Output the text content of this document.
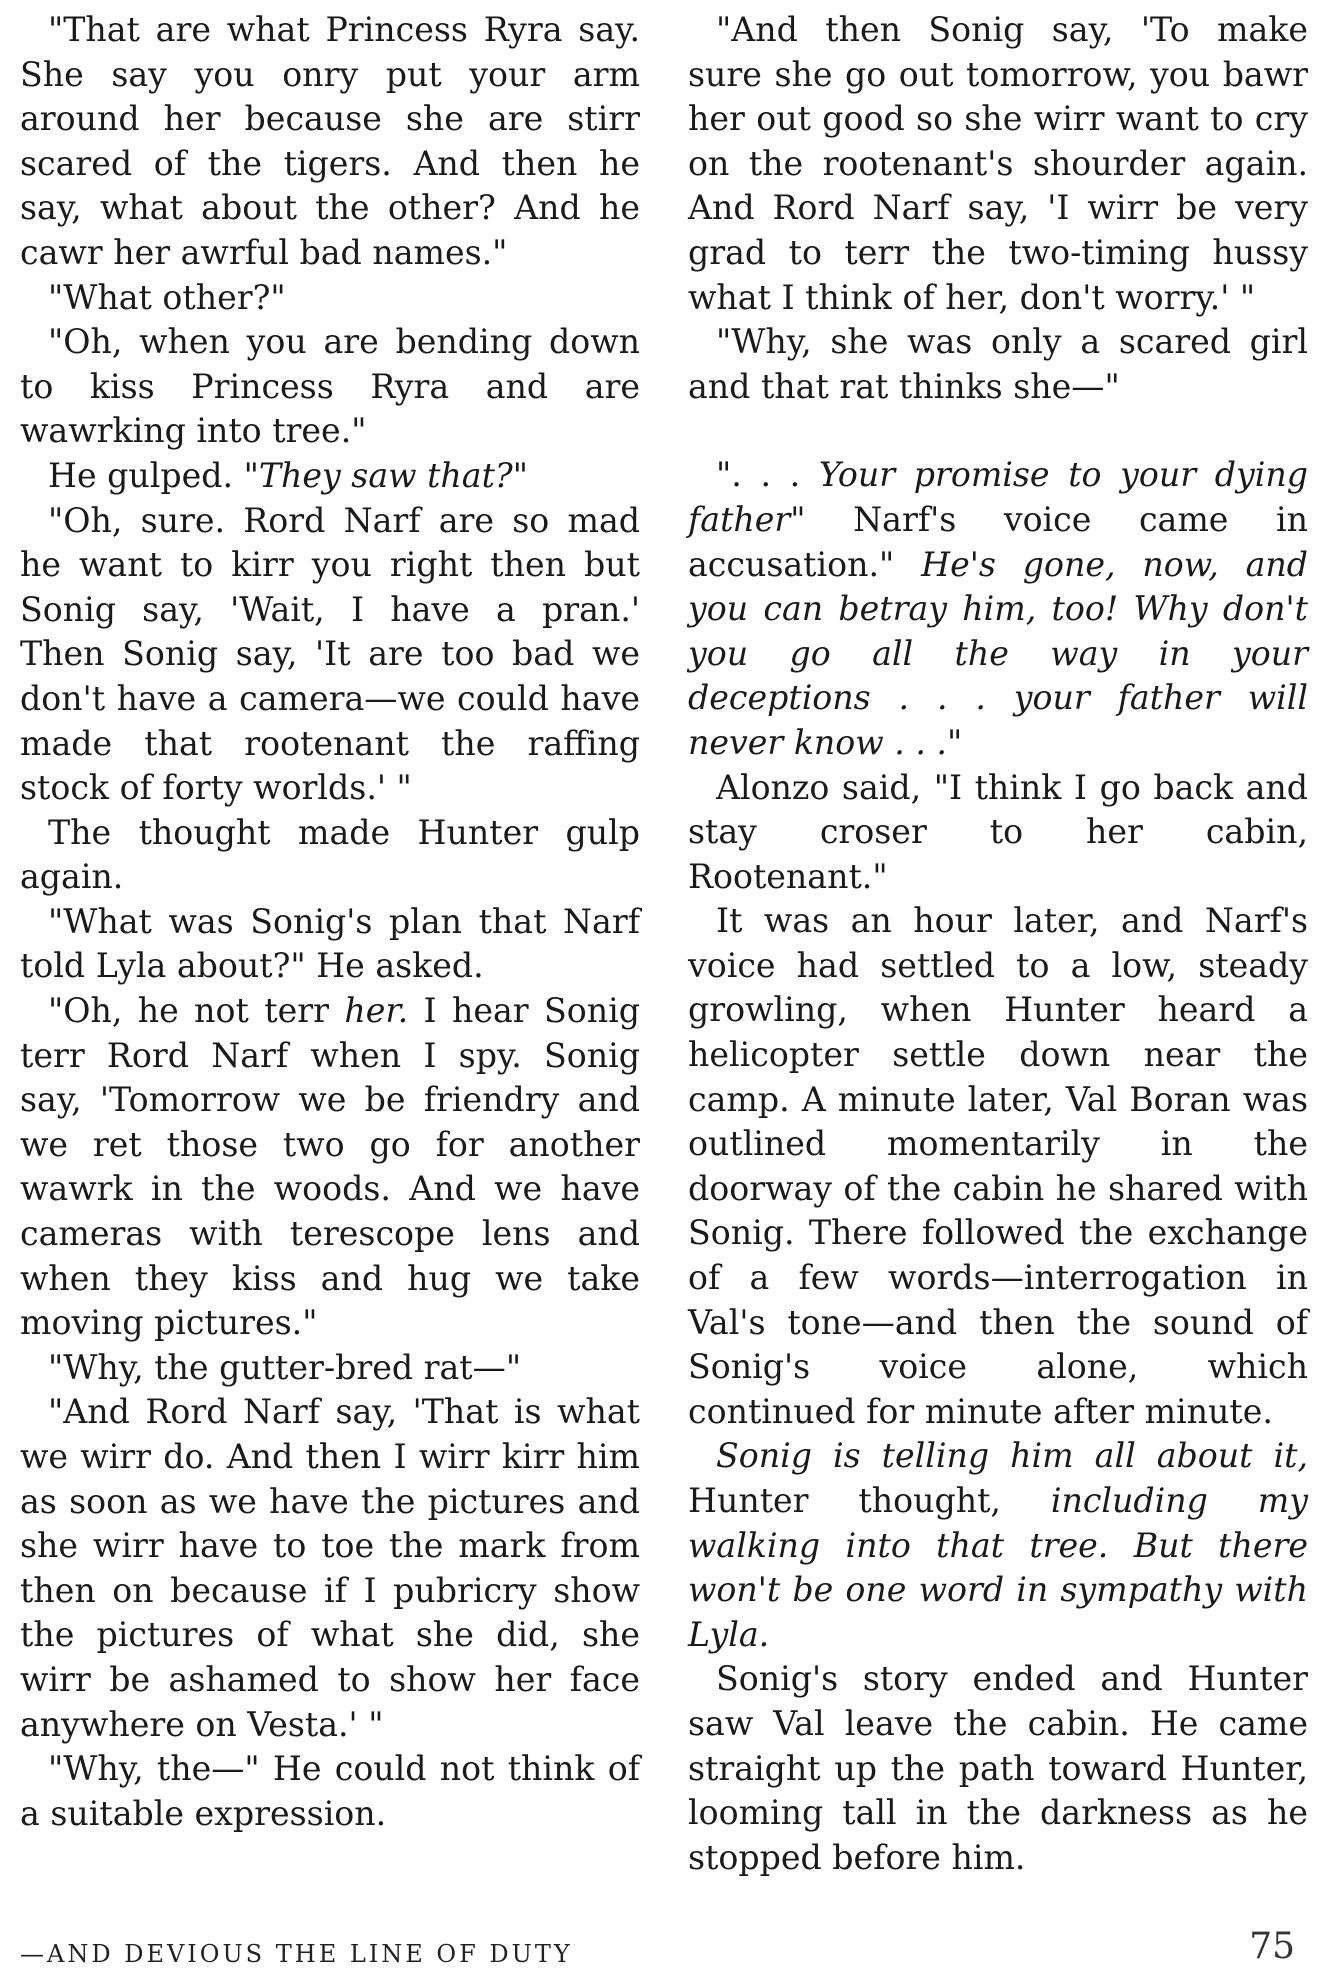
"That are what Princess Ryra say. She say you onry put your arm around her because she are stirr scared of the tigers. And then he say, what about the other? And he cawr her awrful bad names."

"What other?"

"Oh, when you are bending down to kiss Princess Ryra and are wawrking into tree."

He gulped. "They saw that?"

"Oh, sure. Rord Narf are so mad he want to kirr you right then but Sonig say, 'Wait, I have a pran.' Then Sonig say, 'It are too bad we don't have a camera—we could have made that rootenant the raffing stock of forty worlds.' "

The thought made Hunter gulp again.

"What was Sonig's plan that Narf told Lyla about?" He asked.

"Oh, he not terr her. I hear Sonig terr Rord Narf when I spy. Sonig say, 'Tomorrow we be friendry and we ret those two go for another wawrk in the woods. And we have cameras with terescope lens and when they kiss and hug we take moving pictures."

"Why, the gutter-bred rat—"

"And Rord Narf say, 'That is what we wirr do. And then I wirr kirr him as soon as we have the pictures and she wirr have to toe the mark from then on because if I pubricry show the pictures of what she did, she wirr be ashamed to show her face anywhere on Vesta.' "

"Why, the—" He could not think of a suitable expression.

"And then Sonig say, 'To make sure she go out tomorrow, you bawr her out good so she wirr want to cry on the rootenant's shourder again. And Rord Narf say, 'I wirr be very grad to terr the two-timing hussy what I think of her, don't worry.' "

"Why, she was only a scared girl and that rat thinks she—"

". . . Your promise to your dying father" Narf's voice came in accusation." He's gone, now, and you can betray him, too! Why don't you go all the way in your deceptions . . . your father will never know . . ."

Alonzo said, "I think I go back and stay croser to her cabin, Rootenant."

It was an hour later, and Narf's voice had settled to a low, steady growling, when Hunter heard a helicopter settle down near the camp. A minute later, Val Boran was outlined momentarily in the doorway of the cabin he shared with Sonig. There followed the exchange of a few words—interrogation in Val's tone—and then the sound of Sonig's voice alone, which continued for minute after minute.

Sonig is telling him all about it, Hunter thought, including my walking into that tree. But there won't be one word in sympathy with Lyla.

Sonig's story ended and Hunter saw Val leave the cabin. He came straight up the path toward Hunter, looming tall in the darkness as he stopped before him.

—AND DEVIOUS THE LINE OF DUTY	75
